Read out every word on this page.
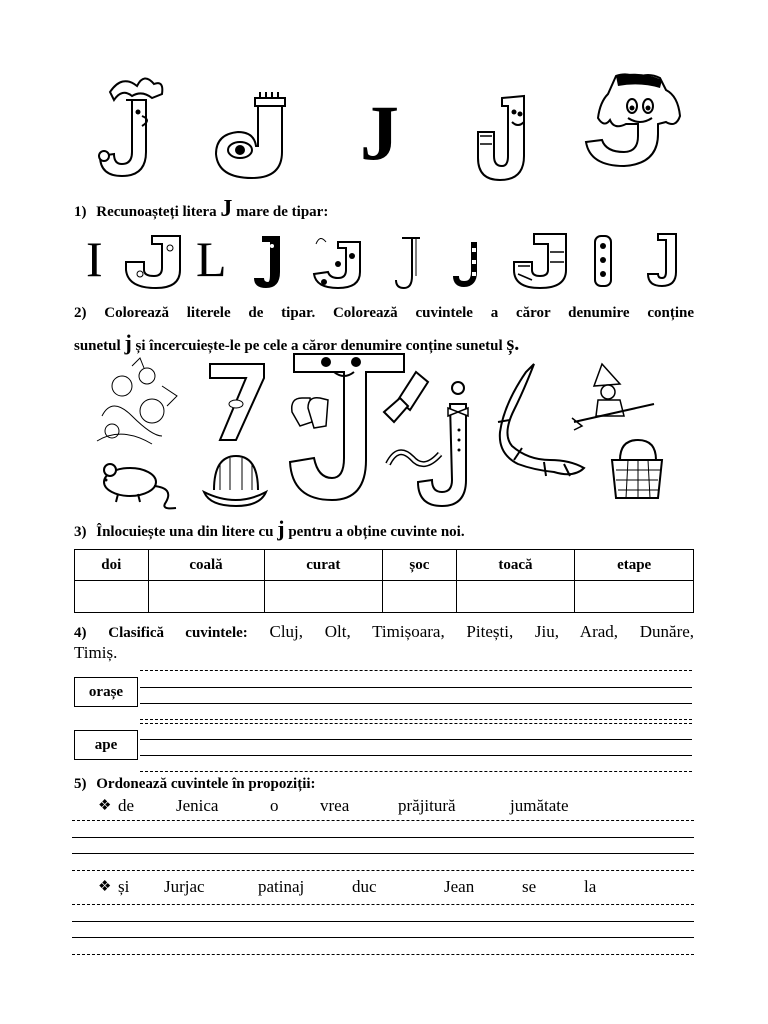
J
1) Recunoașteți litera J mare de tipar:
I L
2) Colorează literele de tipar. Colorează cuvintele a căror denumire conține
sunetul j și încercuiește-le pe cele a căror denumire conține sunetul ș.
3) Înlocuiește una din litere cu j pentru a obține cuvinte noi.
doi	coală	curat	șoc	toacă	etape

4) Clasifică cuvintele: Cluj, Olt, Timișoara, Pitești, Jiu, Arad, Dunăre,
Timiș.
orașe
ape
5) Ordonează cuvintele în propoziții:
❖ de Jenica	o vrea	prăjitură	jumătate
❖ și Jurjac	patinaj	duc	Jean	se	la
